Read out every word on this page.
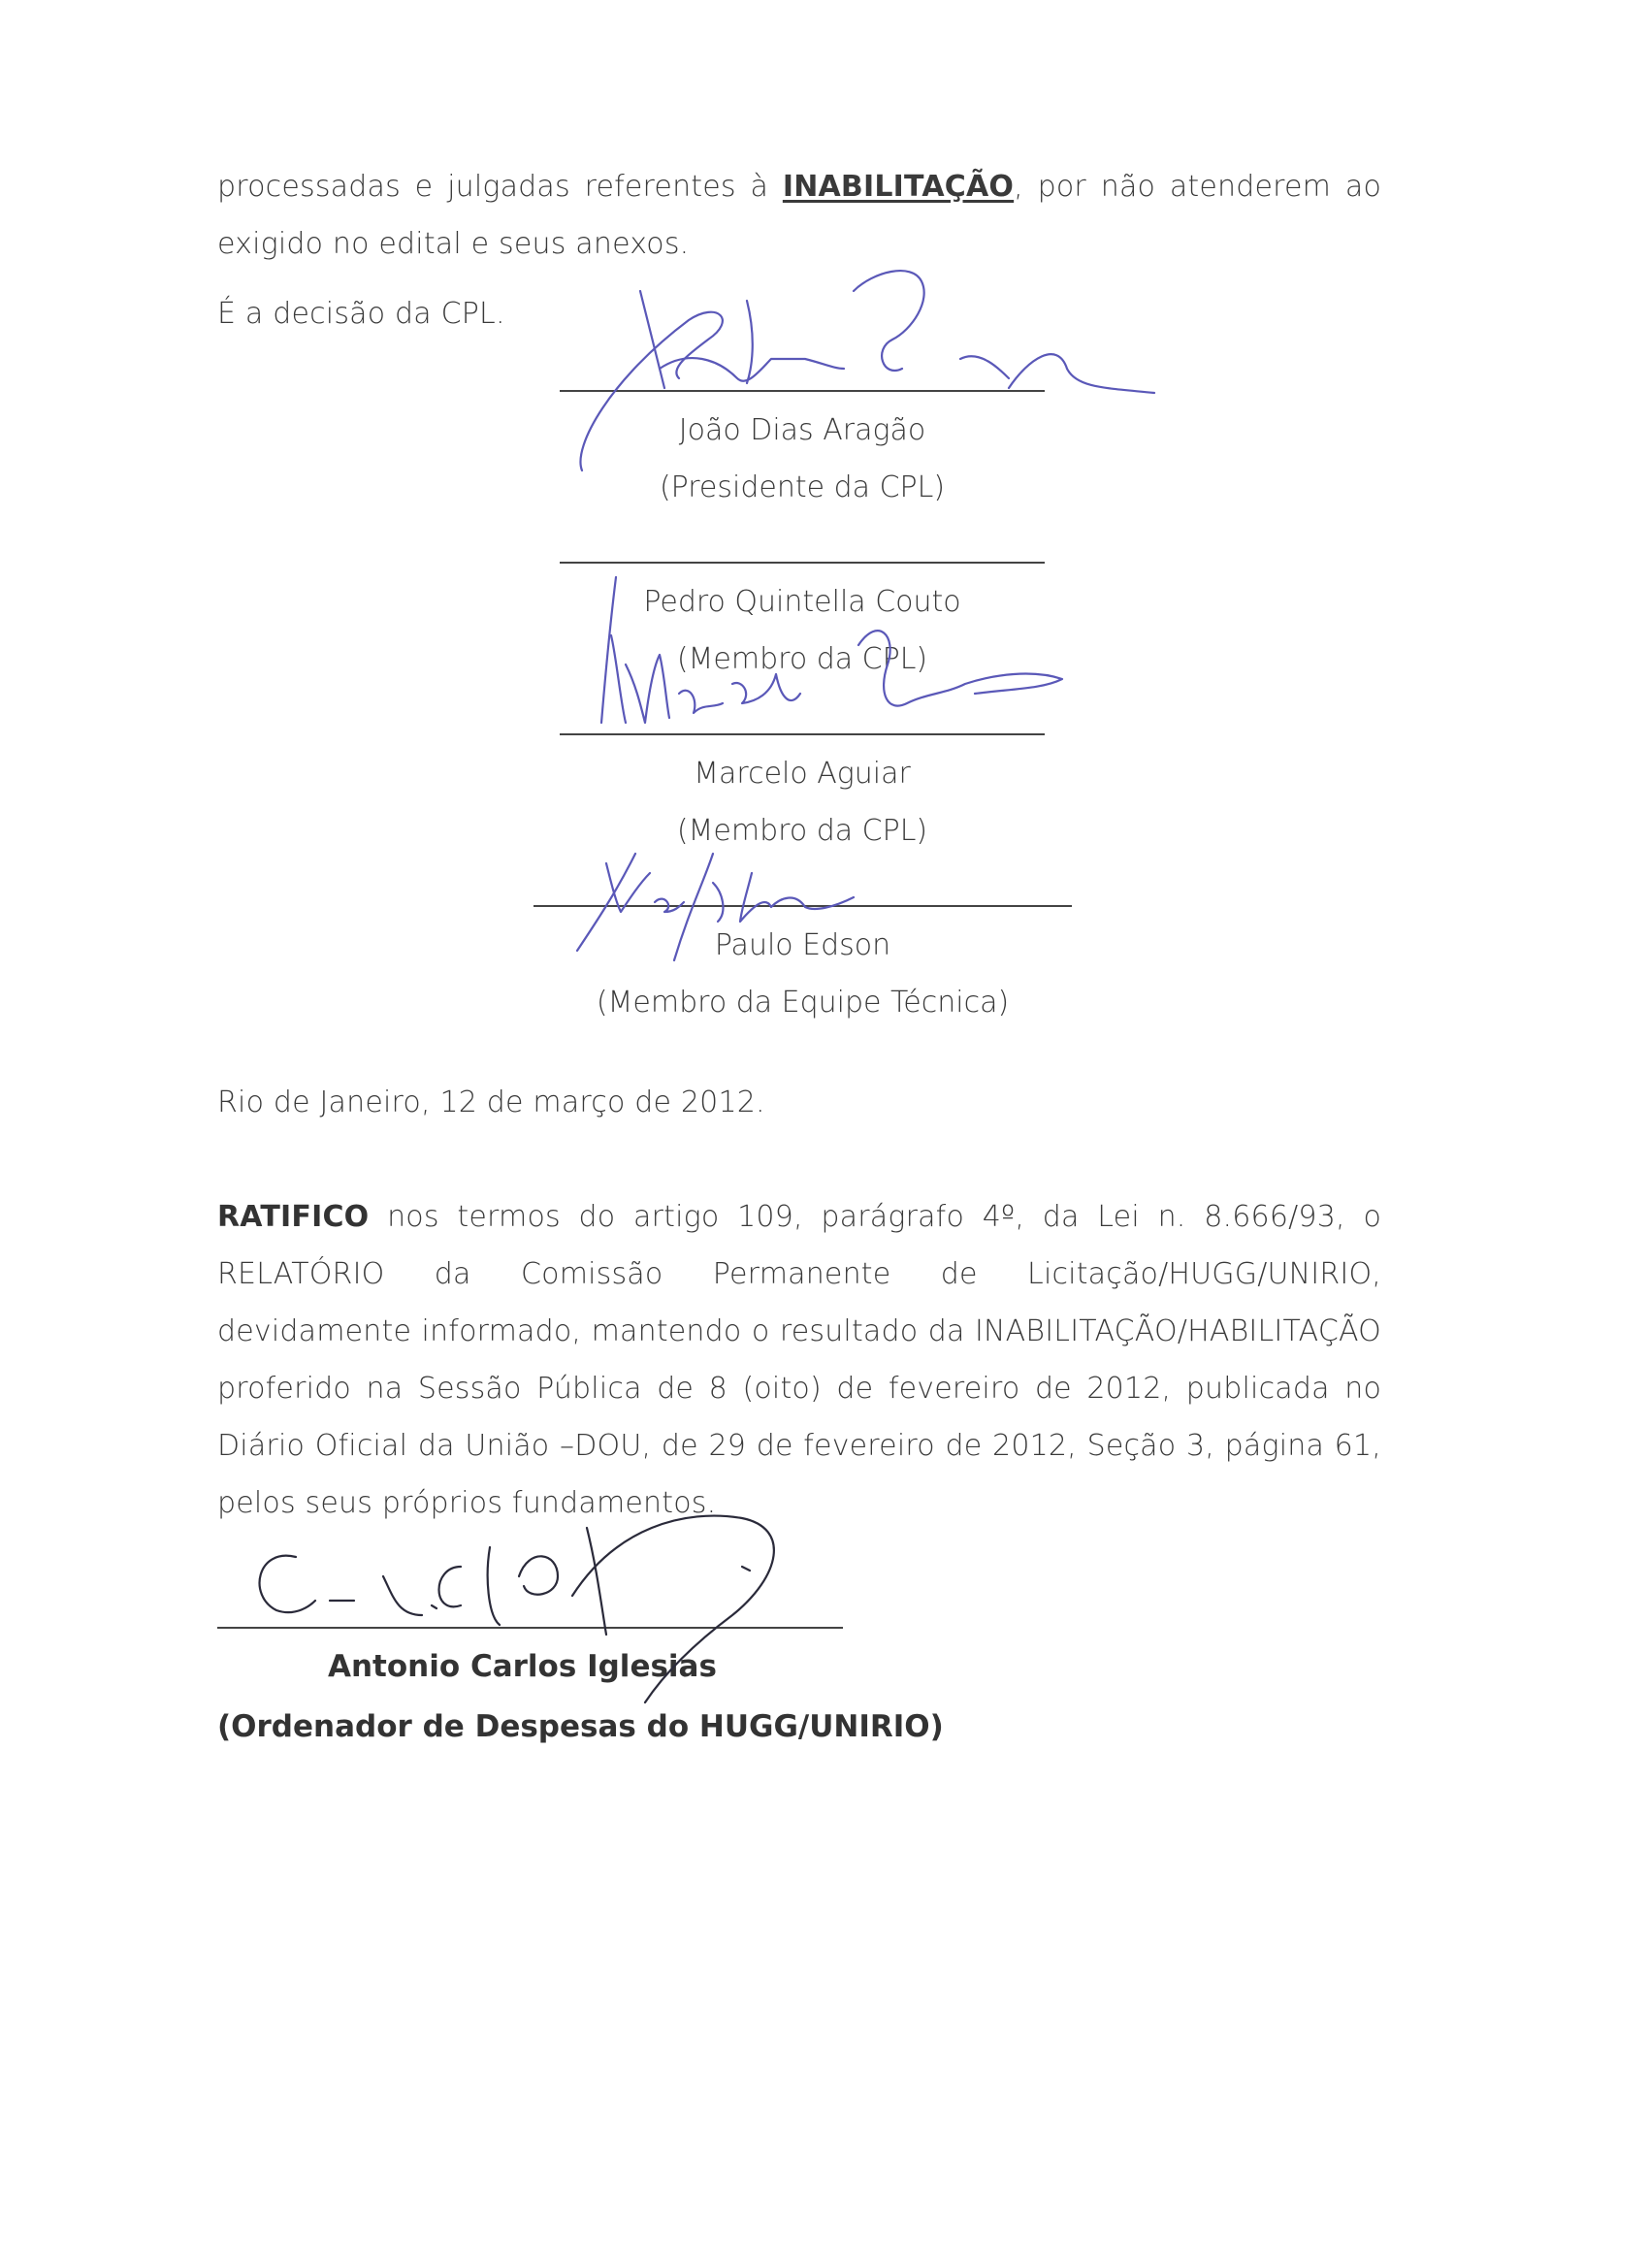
processadas e julgadas referentes à INABILITAÇÃO, por não atenderem ao exigido no edital e seus anexos.

É a decisão da CPL.

João Dias Aragão
(Presidente da CPL)
Pedro Quintella Couto
(Membro da CPL)
Marcelo Aguiar
(Membro da CPL)
Paulo Edson
(Membro da Equipe Técnica)

Rio de Janeiro, 12 de março de 2012.

RATIFICO nos termos do artigo 109, parágrafo 4º, da Lei n. 8.666/93, o RELATÓRIO da Comissão Permanente de Licitação/HUGG/UNIRIO, devidamente informado, mantendo o resultado da INABILITAÇÃO/HABILITAÇÃO proferido na Sessão Pública de 8 (oito) de fevereiro de 2012, publicada no Diário Oficial da União –DOU, de 29 de fevereiro de 2012, Seção 3, página 61, pelos seus próprios fundamentos.

Antonio Carlos Iglesias
(Ordenador de Despesas do HUGG/UNIRIO)
